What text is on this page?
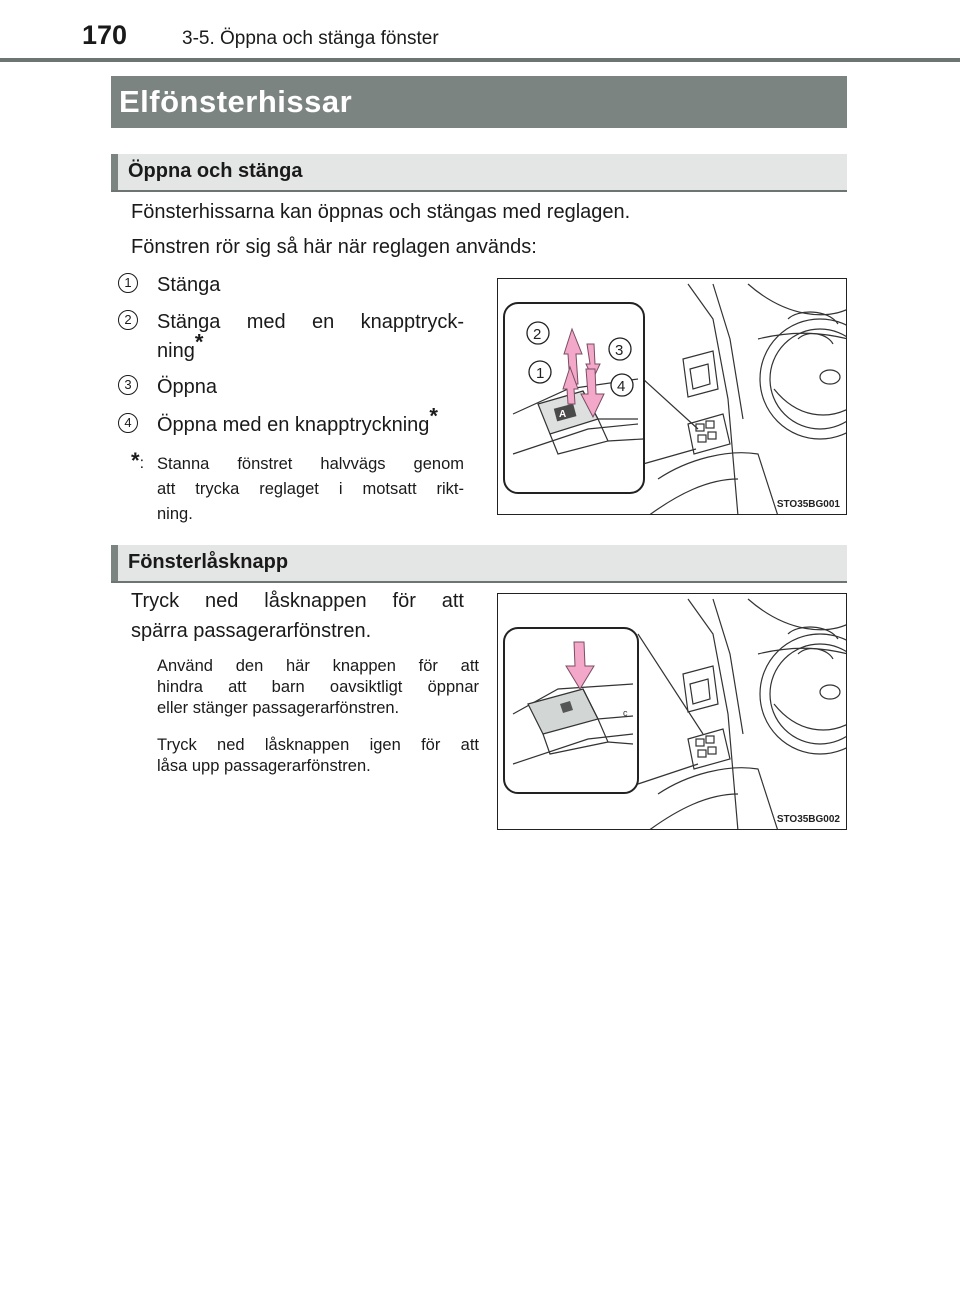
170	3-5. Öppna och stänga fönster
Elfönsterhissar
Öppna och stänga
Fönsterhissarna kan öppnas och stängas med reglagen.
Fönstren rör sig så här när reglagen används:
1	Stänga
2	Stänga med en knapptryck-
ning*
3	Öppna
4	Öppna med en knapptryckning*
*: Stanna fönstret halvvägs genom
att trycka reglaget i motsatt rikt-
ning.
A
2
3
1
4
STO35BG001
Fönsterlåsknapp
Tryck ned låsknappen för att
spärra passagerarfönstren.
Använd den här knappen för att
hindra att barn oavsiktligt öppnar
eller stänger passagerarfönstren.
Tryck ned låsknappen igen för att
låsa upp passagerarfönstren.
c
STO35BG002
